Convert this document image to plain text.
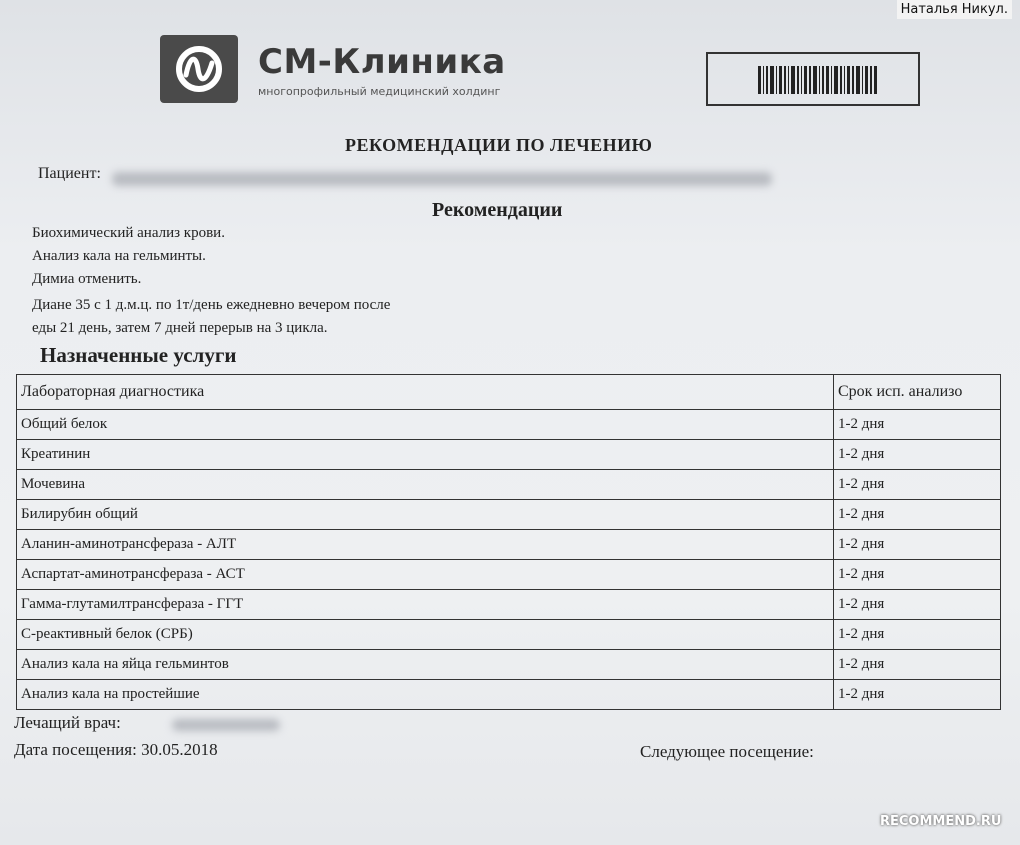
Наталья Никул.
СМ-Клиника
многопрофильный медицинский холдинг
РЕКОМЕНДАЦИИ ПО ЛЕЧЕНИЮ
Пациент:
Рекомендации
Биохимический анализ крови.
Анализ кала на гельминты.
Димиа отменить.
Диане 35 с 1 д.м.ц. по 1т/день ежедневно вечером после
еды 21 день, затем 7 дней перерыв на 3 цикла.
Назначенные услуги
Лабораторная диагностика	Срок исп. анализо
Общий белок	1-2 дня
Креатинин	1-2 дня
Мочевина	1-2 дня
Билирубин общий	1-2 дня
Аланин-аминотрансфераза - АЛТ	1-2 дня
Аспартат-аминотрансфераза - АСТ	1-2 дня
Гамма-глутамилтрансфераза - ГГТ	1-2 дня
С-реактивный белок (СРБ)	1-2 дня
Анализ кала на яйца гельминтов	1-2 дня
Анализ кала на простейшие	1-2 дня
Лечащий врач:
Дата посещения: 30.05.2018	Следующее посещение:
RECOMMEND.RU
